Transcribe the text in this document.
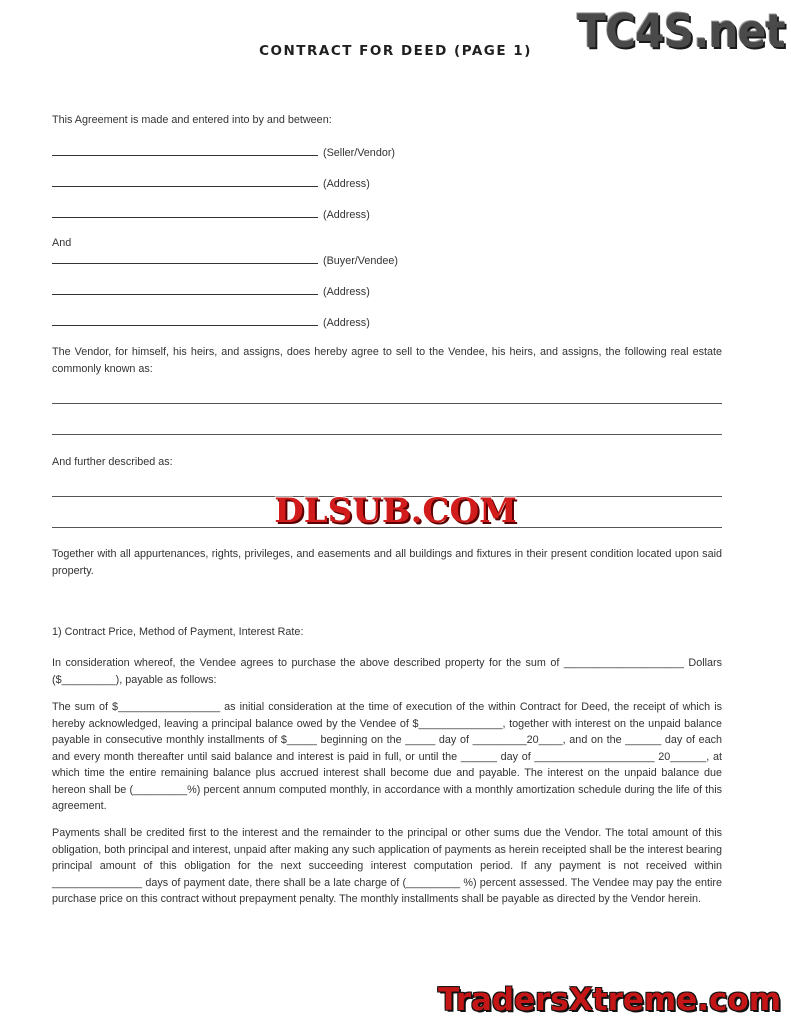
TC4S.net
CONTRACT FOR DEED (PAGE 1)
This Agreement is made and entered into by and between:
(Seller/Vendor)
(Address)
(Address)
And
(Buyer/Vendee)
(Address)
(Address)
The Vendor, for himself, his heirs, and assigns, does hereby agree to sell to the Vendee, his heirs, and assigns, the following real estate commonly known as:
And further described as:
DLSUB.COM
Together with all appurtenances, rights, privileges, and easements and all buildings and fixtures in their present condition located upon said property.
1) Contract Price, Method of Payment, Interest Rate:
In consideration whereof, the Vendee agrees to purchase the above described property for the sum of ____________________ Dollars ($_________), payable as follows:
The sum of $_________________ as initial consideration at the time of execution of the within Contract for Deed, the receipt of which is hereby acknowledged, leaving a principal balance owed by the Vendee of $______________, together with interest on the unpaid balance payable in consecutive monthly installments of $_____ beginning on the _____ day of _________20____, and on the ______ day of each and every month thereafter until said balance and interest is paid in full, or until the ______ day of ____________________ 20______, at which time the entire remaining balance plus accrued interest shall become due and payable. The interest on the unpaid balance due hereon shall be (_________%) percent annum computed monthly, in accordance with a monthly amortization schedule during the life of this agreement.
Payments shall be credited first to the interest and the remainder to the principal or other sums due the Vendor. The total amount of this obligation, both principal and interest, unpaid after making any such application of payments as herein receipted shall be the interest bearing principal amount of this obligation for the next succeeding interest computation period. If any payment is not received within _______________ days of payment date, there shall be a late charge of (_________ %) percent assessed. The Vendee may pay the entire purchase price on this contract without prepayment penalty. The monthly installments shall be payable as directed by the Vendor herein.
TradersXtreme.com
